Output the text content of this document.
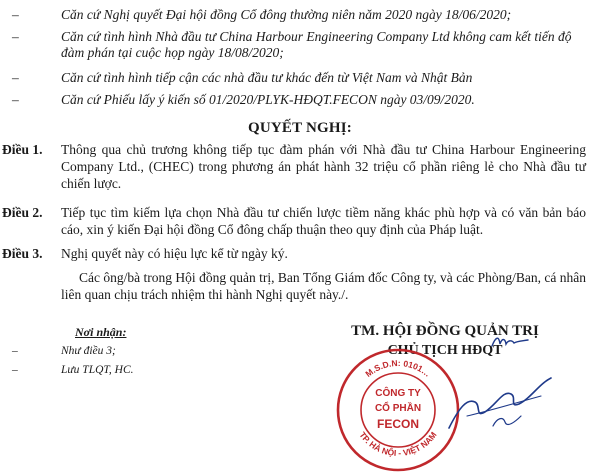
–	Căn cứ Nghị quyết Đại hội đồng Cổ đông thường niên năm 2020 ngày 18/06/2020;
–	Căn cứ tình hình Nhà đầu tư China Harbour Engineering Company Ltd không cam kết tiến độ đàm phán tại cuộc họp ngày 18/08/2020;
–	Căn cứ tình hình tiếp cận các nhà đầu tư khác đến từ Việt Nam và Nhật Bản
–	Căn cứ Phiếu lấy ý kiến số 01/2020/PLYK-HĐQT.FECON ngày 03/09/2020.
QUYẾT NGHỊ:
Điều 1. Thông qua chủ trương không tiếp tục đàm phán với Nhà đầu tư China Harbour Engineering Company Ltd., (CHEC) trong phương án phát hành 32 triệu cổ phần riêng lẻ cho Nhà đầu tư chiến lược.
Điều 2. Tiếp tục tìm kiếm lựa chọn Nhà đầu tư chiến lược tiềm năng khác phù hợp và có văn bản báo cáo, xin ý kiến Đại hội đồng Cổ đông chấp thuận theo quy định của Pháp luật.
Điều 3. Nghị quyết này có hiệu lực kể từ ngày ký.
Các ông/bà trong Hội đồng quản trị, Ban Tổng Giám đốc Công ty, và các Phòng/Ban, cá nhân liên quan chịu trách nhiệm thi hành Nghị quyết này./.
Nơi nhận:
–	Như điều 3;
–	Lưu TLQT, HC.
TM. HỘI ĐỒNG QUẢN TRỊ
CHỦ TỊCH HĐQT
M.S.D.N: 0101…
TP. HÀ NỘI - VIỆT NAM
CÔNG TY
CỔ PHẦN
FECON
